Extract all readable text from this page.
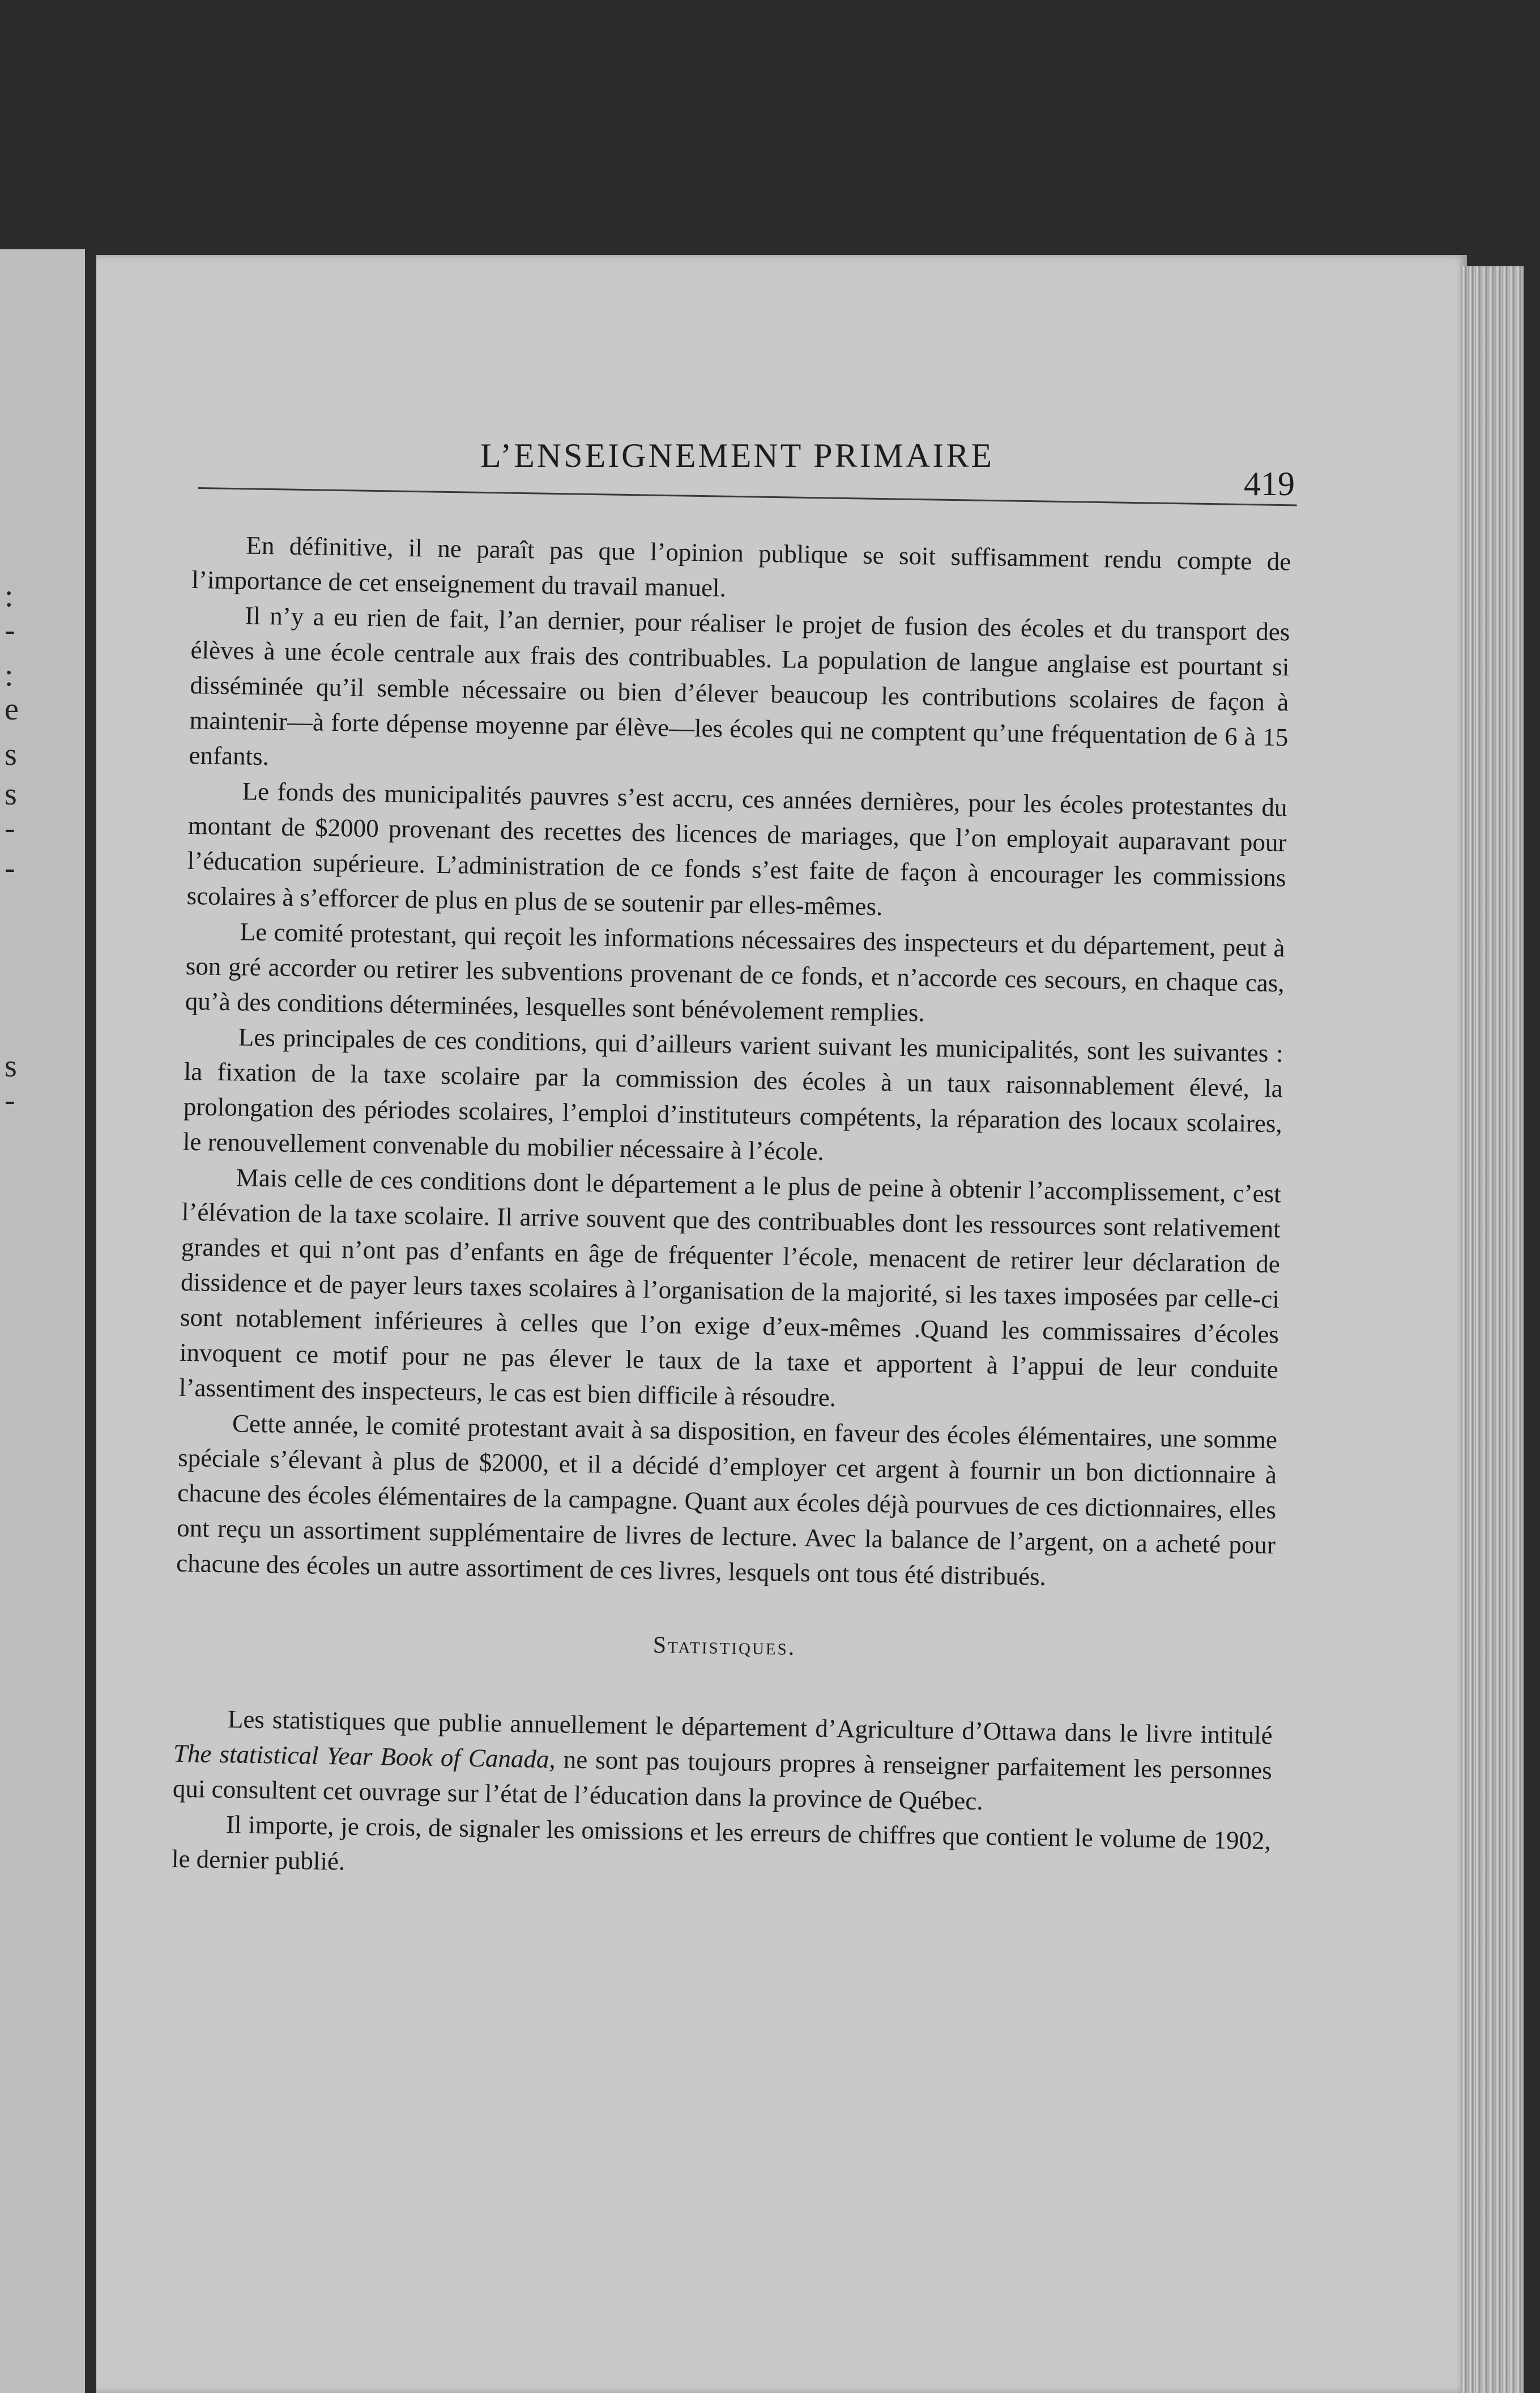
:
-
:
e
s
s
-
-
s
-
L’ENSEIGNEMENT PRIMAIRE
419

En définitive, il ne paraît pas que l’opinion publique se soit suffisamment rendu compte de l’importance de cet enseignement du travail manuel.

Il n’y a eu rien de fait, l’an dernier, pour réaliser le projet de fusion des écoles et du transport des élèves à une école centrale aux frais des contribuables. La population de langue anglaise est pourtant si disséminée qu’il semble nécessaire ou bien d’élever beaucoup les contributions scolaires de façon à maintenir—à forte dépense moyenne par élève—les écoles qui ne comptent qu’une fréquentation de 6 à 15 enfants.

Le fonds des municipalités pauvres s’est accru, ces années dernières, pour les écoles protestantes du montant de $2000 provenant des recettes des licences de mariages, que l’on employait auparavant pour l’éducation supérieure. L’administration de ce fonds s’est faite de façon à encourager les commissions scolaires à s’efforcer de plus en plus de se soutenir par elles-mêmes.

Le comité protestant, qui reçoit les informations nécessaires des inspecteurs et du département, peut à son gré accorder ou retirer les subventions provenant de ce fonds, et n’accorde ces secours, en chaque cas, qu’à des conditions déterminées, lesquelles sont bénévolement remplies.

Les principales de ces conditions, qui d’ailleurs varient suivant les municipalités, sont les suivantes : la fixation de la taxe scolaire par la commission des écoles à un taux raisonnablement élevé, la prolongation des périodes scolaires, l’emploi d’instituteurs compétents, la réparation des locaux scolaires, le renouvellement convenable du mobilier nécessaire à l’école.

Mais celle de ces conditions dont le département a le plus de peine à obtenir l’accomplissement, c’est l’élévation de la taxe scolaire. Il arrive souvent que des contribuables dont les ressources sont relativement grandes et qui n’ont pas d’enfants en âge de fréquenter l’école, menacent de retirer leur déclaration de dissidence et de payer leurs taxes scolaires à l’organisation de la majorité, si les taxes imposées par celle-ci sont notablement inférieures à celles que l’on exige d’eux-mêmes .Quand les commissaires d’écoles invoquent ce motif pour ne pas élever le taux de la taxe et apportent à l’appui de leur conduite l’assentiment des inspecteurs, le cas est bien difficile à résoudre.

Cette année, le comité protestant avait à sa disposition, en faveur des écoles élémentaires, une somme spéciale s’élevant à plus de $2000, et il a décidé d’employer cet argent à fournir un bon dictionnaire à chacune des écoles élémentaires de la campagne. Quant aux écoles déjà pourvues de ces dictionnaires, elles ont reçu un assortiment supplémentaire de livres de lecture. Avec la balance de l’argent, on a acheté pour chacune des écoles un autre assortiment de ces livres, lesquels ont tous été distribués.

Statistiques.

Les statistiques que publie annuellement le département d’Agriculture d’Ottawa dans le livre intitulé The statistical Year Book of Canada, ne sont pas toujours propres à renseigner parfaitement les personnes qui consultent cet ouvrage sur l’état de l’éducation dans la province de Québec.

Il importe, je crois, de signaler les omissions et les erreurs de chiffres que contient le volume de 1902, le dernier publié.
